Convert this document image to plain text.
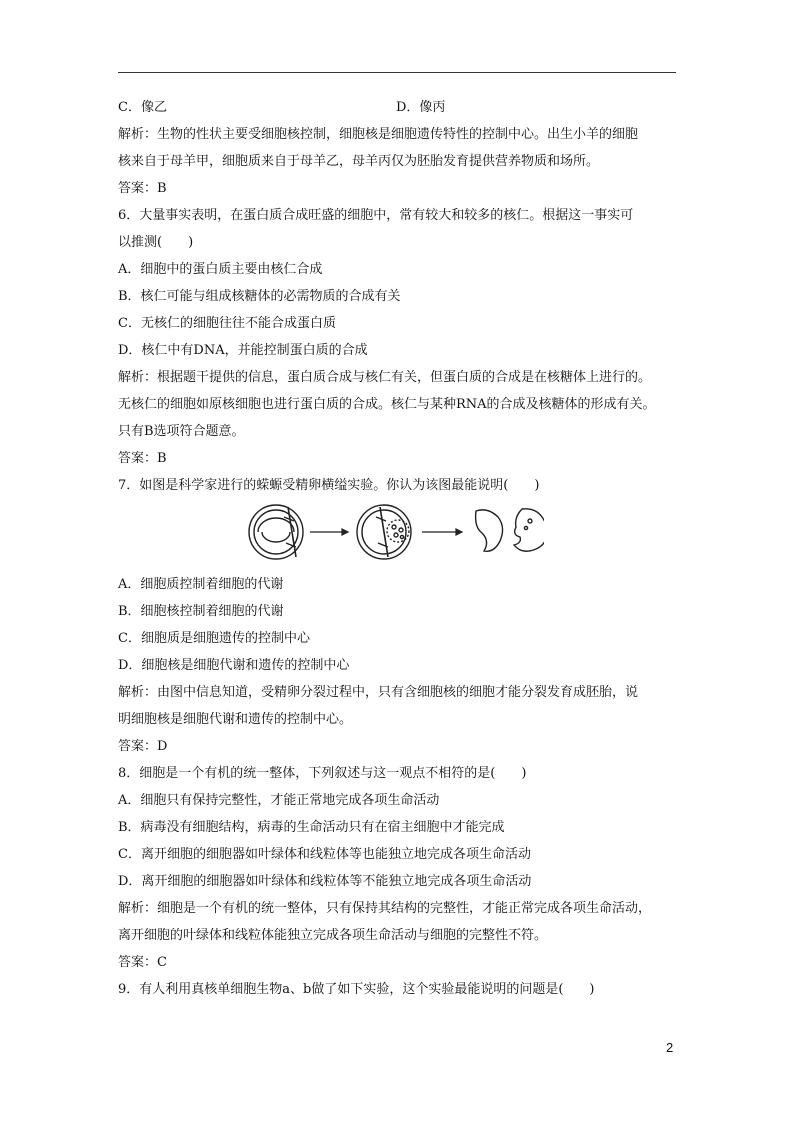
C．像乙	D．像丙
解析：生物的性状主要受细胞核控制，细胞核是细胞遗传特性的控制中心。出生小羊的细胞
核来自于母羊甲，细胞质来自于母羊乙，母羊丙仅为胚胎发育提供营养物质和场所。
答案：B
6．大量事实表明，在蛋白质合成旺盛的细胞中，常有较大和较多的核仁。根据这一事实可
以推测(　　)
A．细胞中的蛋白质主要由核仁合成
B．核仁可能与组成核糖体的必需物质的合成有关
C．无核仁的细胞往往不能合成蛋白质
D．核仁中有DNA，并能控制蛋白质的合成
解析：根据题干提供的信息，蛋白质合成与核仁有关，但蛋白质的合成是在核糖体上进行的。
无核仁的细胞如原核细胞也进行蛋白质的合成。核仁与某种RNA的合成及核糖体的形成有关。
只有B选项符合题意。
答案：B
7．如图是科学家进行的蝾螈受精卵横缢实验。你认为该图最能说明(　　)
A．细胞质控制着细胞的代谢
B．细胞核控制着细胞的代谢
C．细胞质是细胞遗传的控制中心
D．细胞核是细胞代谢和遗传的控制中心
解析：由图中信息知道，受精卵分裂过程中，只有含细胞核的细胞才能分裂发育成胚胎，说
明细胞核是细胞代谢和遗传的控制中心。
答案：D
8．细胞是一个有机的统一整体，下列叙述与这一观点不相符的是(　　)
A．细胞只有保持完整性，才能正常地完成各项生命活动
B．病毒没有细胞结构，病毒的生命活动只有在宿主细胞中才能完成
C．离开细胞的细胞器如叶绿体和线粒体等也能独立地完成各项生命活动
D．离开细胞的细胞器如叶绿体和线粒体等不能独立地完成各项生命活动
解析：细胞是一个有机的统一整体，只有保持其结构的完整性，才能正常完成各项生命活动，
离开细胞的叶绿体和线粒体能独立完成各项生命活动与细胞的完整性不符。
答案：C
9．有人利用真核单细胞生物a、b做了如下实验，这个实验最能说明的问题是(　　)
2
